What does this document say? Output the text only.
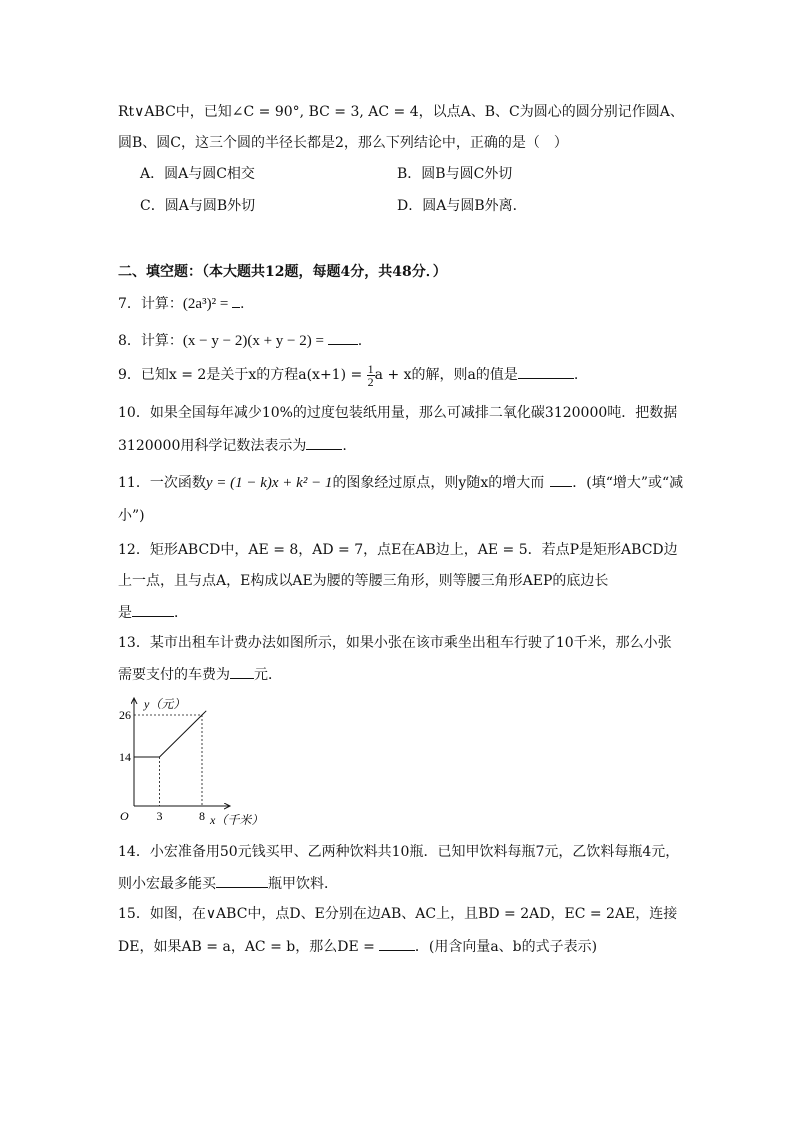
Rt∨ABC中，已知∠C = 90°, BC = 3, AC = 4，以点A、B、C为圆心的圆分别记作圆A、
圆B、圆C，这三个圆的半径长都是2，那么下列结论中，正确的是（　）
A．圆A与圆C相交	B．圆B与圆C外切
C．圆A与圆B外切	D．圆A与圆B外离．
二、填空题：（本大题共12题，每题4分，共48分．）
7．计算：(2a³)² = .
8．计算：(x − y − 2)(x + y − 2) = .
9．已知x = 2是关于x的方程$a(x+1) = \frac{1}{2}$ a + x的解，则a的值是	.
10．如果全国每年减少10%的过度包装纸用量，那么可减排二氧化碳3120000吨．把数据
3120000用科学记数法表示为	.
11．一次函数y = (1 − k)x + k² − 1的图象经过原点，则y随x的增大而 ．(填“增大”或“减
小”)
12．矩形ABCD中，AE = 8，AD = 7，点E在AB边上，AE = 5．若点P是矩形ABCD边
上一点，且与点A，E构成以AE为腰的等腰三角形，则等腰三角形AEP的底边长
是	．
13．某市出租车计费办法如图所示，如果小张在该市乘坐出租车行驶了10千米，那么小张
需要支付的车费为 元．
y（元）
x（千米）
O
26
14
3	8
14．小宏准备用50元钱买甲、乙两种饮料共10瓶．已知甲饮料每瓶7元，乙饮料每瓶4元，
则小宏最多能买	瓶甲饮料．
15．如图，在∨ABC中，点D、E分别在边AB、AC上，且BD = 2AD，EC = 2AE，连接
DE，如果AB = a，AC = b，那么DE =	．(用含向量a、b的式子表示)
